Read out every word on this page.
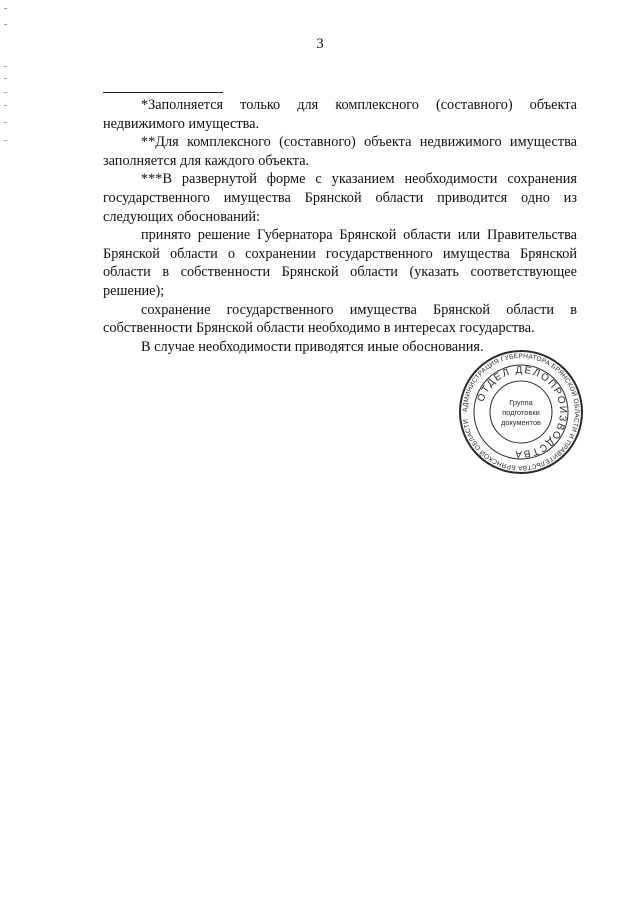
3

*Заполняется только для комплексного (составного) объекта недвижимого имущества.

**Для комплексного (составного) объекта недвижимого имущества заполняется для каждого объекта.

***В развернутой форме с указанием необходимости сохранения государственного имущества Брянской области приводится одно из следующих обоснований:

принято решение Губернатора Брянской области или Правительства Брянской области о сохранении государственного имущества Брянской области в собственности Брянской области (указать соответствующее решение);

сохранение государственного имущества Брянской области в собственности Брянской области необходимо в интересах государства.

В случае необходимости приводятся иные обоснования.

АДМИНИСТРАЦИЯ ГУБЕРНАТОРА БРЯНСКОЙ ОБЛАСТИ И ПРАВИТЕЛЬСТВА БРЯНСКОЙ ОБЛАСТИ
ОТДЕЛ ДЕЛОПРОИЗВОДСТВА
Группа
подготовки
документов
